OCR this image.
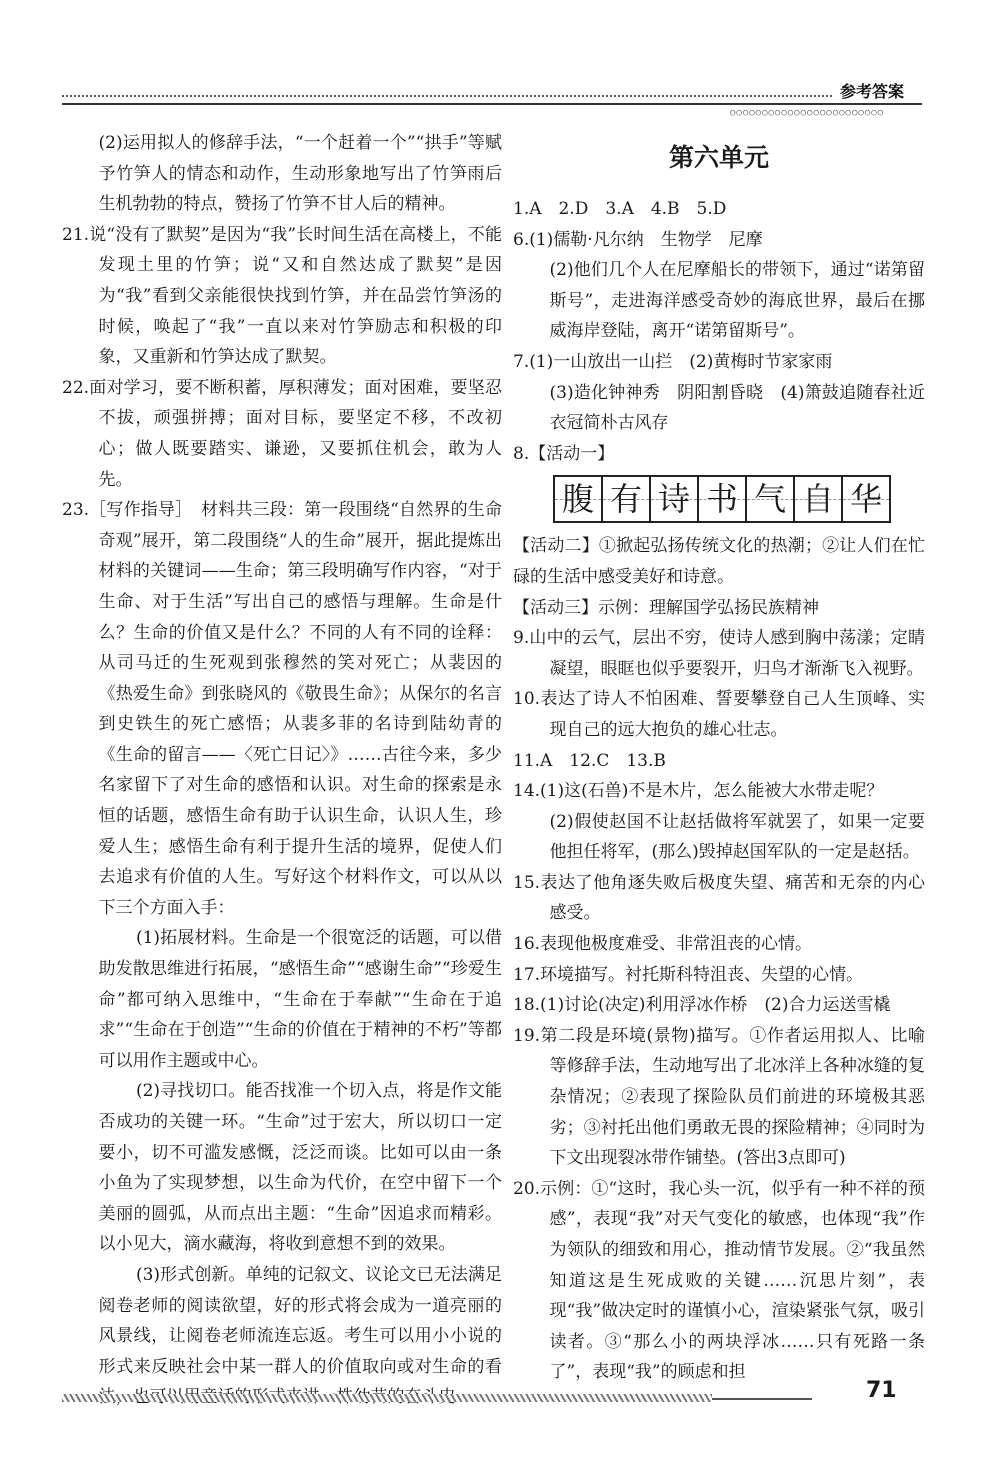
参考答案
○○○○○○○○○○○○○○○○○○○○○○○○

(2)运用拟人的修辞手法，“一个赶着一个”“拱手”等赋予竹笋人的情态和动作，生动形象地写出了竹笋雨后生机勃勃的特点，赞扬了竹笋不甘人后的精神。

21.说“没有了默契”是因为“我”长时间生活在高楼上，不能发现土里的竹笋；说“又和自然达成了默契”是因为“我”看到父亲能很快找到竹笋，并在品尝竹笋汤的时候，唤起了“我”一直以来对竹笋励志和积极的印象，又重新和竹笋达成了默契。

22.面对学习，要不断积蓄，厚积薄发；面对困难，要坚忍不拔，顽强拼搏；面对目标，要坚定不移，不改初心；做人既要踏实、谦逊，又要抓住机会，敢为人先。

23.［写作指导］　材料共三段：第一段围绕“自然界的生命奇观”展开，第二段围绕“人的生命”展开，据此提炼出材料的关键词——生命；第三段明确写作内容，“对于生命、对于生活”写出自己的感悟与理解。生命是什么？生命的价值又是什么？不同的人有不同的诠释：从司马迁的生死观到张穆然的笑对死亡；从裴因的《热爱生命》到张晓风的《敬畏生命》；从保尔的名言到史铁生的死亡感悟；从裴多菲的名诗到陆幼青的《生命的留言——〈死亡日记〉》……古往今来，多少名家留下了对生命的感悟和认识。对生命的探索是永恒的话题，感悟生命有助于认识生命，认识人生，珍爱人生；感悟生命有利于提升生活的境界，促使人们去追求有价值的人生。写好这个材料作文，可以从以下三个方面入手：

(1)拓展材料。生命是一个很宽泛的话题，可以借助发散思维进行拓展，“感悟生命”“感谢生命”“珍爱生命”都可纳入思维中，“生命在于奉献”“生命在于追求”“生命在于创造”“生命的价值在于精神的不朽”等都可以用作主题或中心。

(2)寻找切口。能否找准一个切入点，将是作文能否成功的关键一环。“生命”过于宏大，所以切口一定要小，切不可滥发感慨，泛泛而谈。比如可以由一条小鱼为了实现梦想，以生命为代价，在空中留下一个美丽的圆弧，从而点出主题：“生命”因追求而精彩。以小见大，滴水藏海，将收到意想不到的效果。

(3)形式创新。单纯的记叙文、议论文已无法满足阅卷老师的阅读欲望，好的形式将会成为一道亮丽的风景线，让阅卷老师流连忘返。考生可以用小小说的形式来反映社会中某一群人的价值取向或对生命的看

第六单元

1.A　2.D　3.A　4.B　5.D

6.(1)儒勒·凡尔纳　生物学　尼摩

(2)他们几个人在尼摩船长的带领下，通过“诺第留斯号”，走进海洋感受奇妙的海底世界，最后在挪威海岸登陆，离开“诺第留斯号”。

7.(1)一山放出一山拦　(2)黄梅时节家家雨

(3)造化钟神秀　阴阳割昏晓　(4)箫鼓追随春社近　衣冠简朴古风存

8.【活动一】

腹 有 诗 书 气 自 华

【活动二】①掀起弘扬传统文化的热潮；②让人们在忙碌的生活中感受美好和诗意。

【活动三】示例：理解国学弘扬民族精神

9.山中的云气，层出不穷，使诗人感到胸中荡漾；定睛凝望，眼眶也似乎要裂开，归鸟才渐渐飞入视野。

10.表达了诗人不怕困难、誓要攀登自己人生顶峰、实现自己的远大抱负的雄心壮志。

11.A　12.C　13.B

14.(1)这(石兽)不是木片，怎么能被大水带走呢？

(2)假使赵国不让赵括做将军就罢了，如果一定要他担任将军，(那么)毁掉赵国军队的一定是赵括。

15.表达了他角逐失败后极度失望、痛苦和无奈的内心感受。

16.表现他极度难受、非常沮丧的心情。

17.环境描写。衬托斯科特沮丧、失望的心情。

18.(1)讨论(决定)利用浮冰作桥　(2)合力运送雪橇

19.第二段是环境(景物)描写。①作者运用拟人、比喻等修辞手法，生动地写出了北冰洋上各种冰缝的复杂情况；②表现了探险队员们前进的环境极其恶劣；③衬托出他们勇敢无畏的探险精神；④同时为下文出现裂冰带作铺垫。(答出3点即可)

20.示例：①“这时，我心头一沉，似乎有一种不祥的预感”，表现“我”对天气变化的敏感，也体现“我”作为领队的细致和用心，推动情节发展。②“我虽然知道这是生死成败的关键……沉思片刻”，表现“我”做决定时的谨慎小心，渲染紧张气氛，吸引读者。③“那么小的两块浮冰……只有死路一条了”，表现“我”的顾虑和担

71
